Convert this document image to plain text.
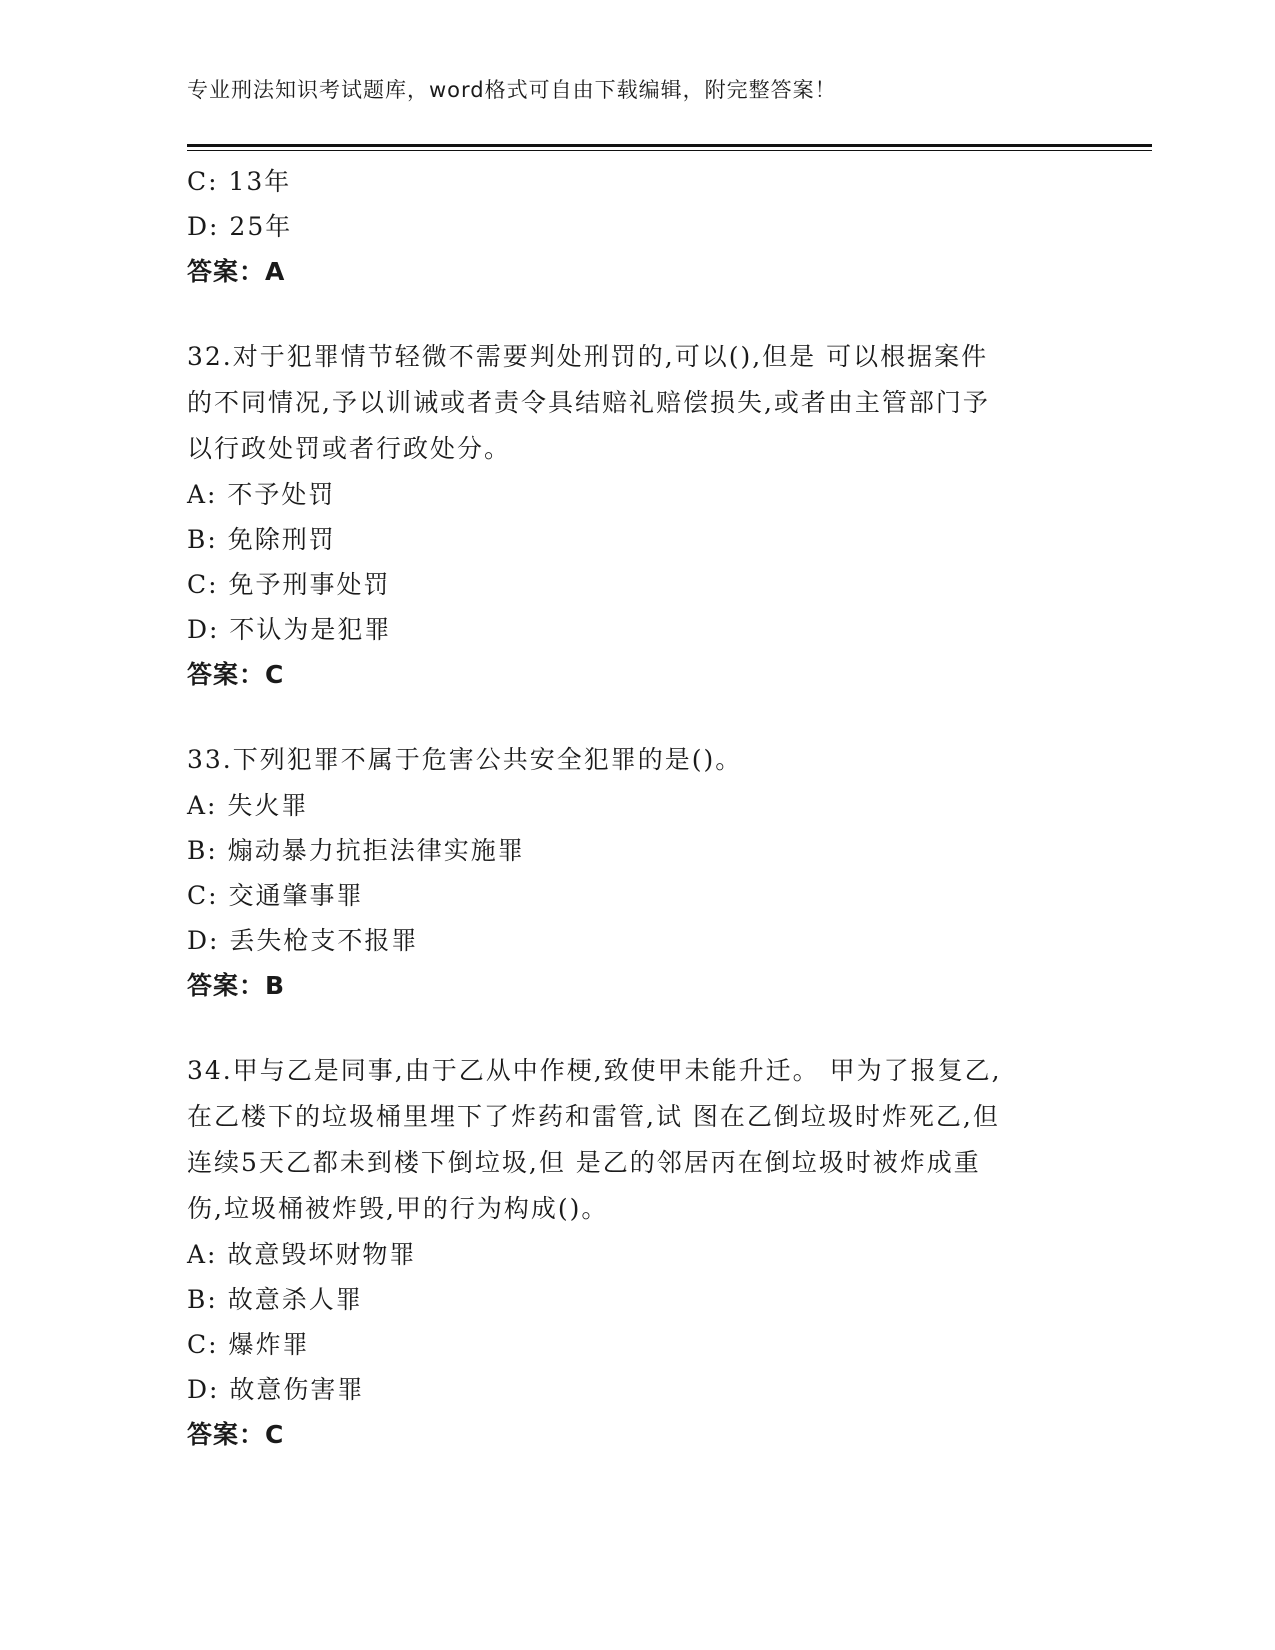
专业刑法知识考试题库，word格式可自由下载编辑，附完整答案！
C: 13年
D: 25年
答案：A
32.对于犯罪情节轻微不需要判处刑罚的,可以(),但是 可以根据案件
的不同情况,予以训诫或者责令具结赔礼赔偿损失,或者由主管部门予
以行政处罚或者行政处分。
A: 不予处罚
B: 免除刑罚
C: 免予刑事处罚
D: 不认为是犯罪
答案：C
33.下列犯罪不属于危害公共安全犯罪的是()。
A: 失火罪
B: 煽动暴力抗拒法律实施罪
C: 交通肇事罪
D: 丢失枪支不报罪
答案：B
34.甲与乙是同事,由于乙从中作梗,致使甲未能升迁。 甲为了报复乙,
在乙楼下的垃圾桶里埋下了炸药和雷管,试 图在乙倒垃圾时炸死乙,但
连续5天乙都未到楼下倒垃圾,但 是乙的邻居丙在倒垃圾时被炸成重
伤,垃圾桶被炸毁,甲的行为构成()。
A: 故意毁坏财物罪
B: 故意杀人罪
C: 爆炸罪
D: 故意伤害罪
答案：C
